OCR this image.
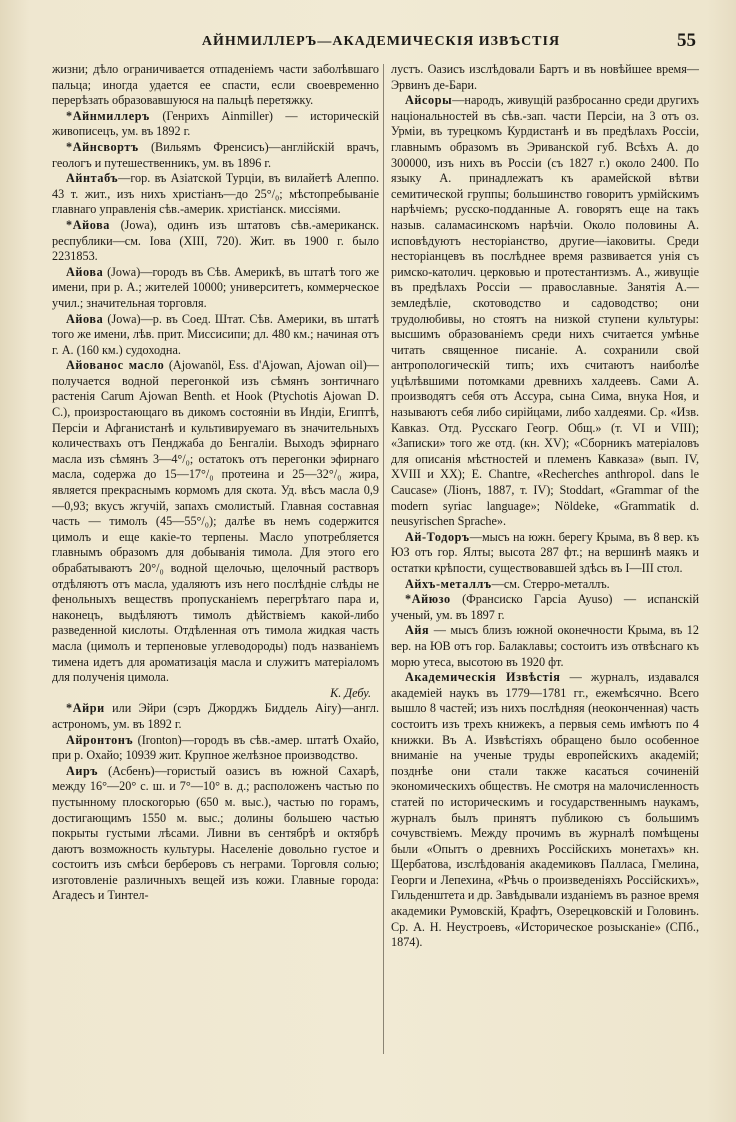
АЙНМИЛЛЕРЪ—АКАДЕМИЧЕСКІЯ ИЗВѢСТІЯ	55

жизни; дѣло ограничивается отпаденіемъ части заболѣвшаго пальца; иногда удается ее спасти, если своевременно перерѣзать образовавшуюся на пальцѣ перетяжку.

*Айнмиллеръ (Генрихъ Ainmiller) — историческій живописецъ, ум. въ 1892 г.

*Айнсвортъ (Вильямъ Френсисъ)—англійскій врачъ, геологъ и путешественникъ, ум. въ 1896 г.

Айнтабъ—гор. въ Азіатской Турціи, въ вилайетѣ Алеппо. 43 т. жит., изъ нихъ христіанъ—до 25°/₀; мѣстопребываніе главнаго управленія сѣв.-америк. христіанск. миссіями.

*Айова (Jowa), одинъ изъ штатовъ сѣв.-американск. республики—см. Іова (XIII, 720). Жит. въ 1900 г. было 2231853.

Айова (Jowa)—городъ въ Сѣв. Америкѣ, въ штатѣ того же имени, при р. А.; жителей 10000; университетъ, коммерческое учил.; значительная торговля.

Айова (Jowa)—р. въ Соед. Штат. Сѣв. Америки, въ штатѣ того же имени, лѣв. прит. Миссисипи; дл. 480 км.; начиная отъ г. А. (160 км.) судоходна.

Айованос масло (Ajowanöl, Ess. d'Ajowan, Ajowan oil)—получается водной перегонкой изъ сѣмянъ зонтичнаго растенія Carum Ajowan Benth. et Hook (Ptychotis Ajowan D. C.), произростающаго въ дикомъ состояніи въ Индіи, Египтѣ, Персіи и Афганистанѣ и культивируемаго въ значительныхъ количествахъ отъ Пенджаба до Бенгаліи. Выходъ эфирнаго масла изъ сѣмянъ 3—4°/₀; остатокъ отъ перегонки эфирнаго масла, содержа до 15—17°/₀ протеина и 25—32°/₀ жира, является прекраснымъ кормомъ для скота. Уд. вѣсъ масла 0,9—0,93; вкусъ жгучій, запахъ смолистый. Главная составная часть — тимолъ (45—55°/₀); далѣе въ немъ содержится цимолъ и еще какіе-то терпены. Масло употребляется главнымъ образомъ для добыванія тимола. Для этого его обрабатываютъ 20°/₀ водной щелочью, щелочный растворъ отдѣляютъ отъ масла, удаляютъ изъ него послѣдніе слѣды не фенольныхъ веществъ пропусканіемъ перегрѣтаго пара и, наконецъ, выдѣляютъ тимолъ дѣйствіемъ какой-либо разведенной кислоты. Отдѣленная отъ тимола жидкая часть масла (цимолъ и терпеновые углеводороды) подъ названіемъ тимена идетъ для ароматизація масла и служитъ матеріаломъ для полученія цимола.

К. Дебу.

*Айри или Эйри (сэръ Джорджъ Биддель Airy)—англ. астрономъ, ум. въ 1892 г.

Айронтонъ (Ironton)—городъ въ сѣв.-амер. штатѣ Охайо, при р. Охайо; 10939 жит. Крупное желѣзное производство.

Аиръ (Асбенъ)—гористый оазисъ въ южной Сахарѣ, между 16°—20° с. ш. и 7°—10° в. д.; расположенъ частью по пустынному плоскогорью (650 м. выс.), частью по горамъ, достигающимъ 1550 м. выс.; долины большею частью покрыты густыми лѣсами. Ливни въ сентябрѣ и октябрѣ даютъ возможность культуры. Населеніе довольно густое и состоитъ изъ смѣси берберовъ съ неграми. Торговля солью; изготовленіе различныхъ вещей изъ кожи. Главные города: Агадесъ и Тинтел-

лустъ. Оазисъ изслѣдовали Бартъ и въ новѣйшее время—Эрвинъ де-Бари.

Айсоры—народъ, живущій разбросанно среди другихъ національностей въ сѣв.-зап. части Персіи, на 3 отъ оз. Урміи, въ турецкомъ Курдистанѣ и въ предѣлахъ Россіи, главнымъ образомъ въ Эриванской губ. Всѣхъ А. до 300000, изъ нихъ въ Россіи (съ 1827 г.) около 2400. По языку А. принадлежатъ къ арамейской вѣтви семитической группы; большинство говоритъ урмійскимъ нарѣчіемъ; русско-подданные А. говорятъ еще на такъ назыв. саламасинскомъ нарѣчіи. Около половины А. исповѣдуютъ несторіанство, другие—іаковиты. Среди несторіанцевъ въ послѣднее время развивается унія съ римско-католич. церковью и протестантизмъ. А., живущіе въ предѣлахъ Россіи — православные. Занятія А.—земледѣліе, скотоводство и садоводство; они трудолюбивы, но стоятъ на низкой ступени культуры: высшимъ образованіемъ среди нихъ считается умѣнье читать священное писаніе. А. сохранили свой антропологическій типъ; ихъ считаютъ наиболѣе уцѣлѣвшими потомками древнихъ халдеевъ. Сами А. производятъ себя отъ Ассура, сына Сима, внука Ноя, и называютъ себя либо сирійцами, либо халдеями. Ср. «Изв. Кавказ. Отд. Русскаго Геогр. Общ.» (т. VI и VIII); «Записки» того же отд. (кн. XV); «Сборникъ матеріаловъ для описанія мѣстностей и племенъ Кавказа» (вып. IV, XVIII и XX); E. Chantre, «Recherches anthropol. dans le Caucase» (Ліонъ, 1887, т. IV); Stoddart, «Grammar of the modern syriac language»; Nöldeke, «Grammatik d. neusyrischen Sprache».

Ай-Тодоръ—мысъ на южн. берегу Крыма, въ 8 вер. къ ЮЗ отъ гор. Ялты; высота 287 фт.; на вершинѣ маякъ и остатки крѣпости, существовавшей здѣсь въ I—III стол.

Айхъ-металлъ—см. Стерро-металлъ.

*Айюзо (Франсиско Гарсіа Ayuso) — испанскій ученый, ум. въ 1897 г.

Айя — мысъ близъ южной оконечности Крыма, въ 12 вер. на ЮВ отъ гор. Балаклавы; состоитъ изъ отвѣснаго къ морю утеса, высотою въ 1920 фт.

Академическія Извѣстія — журналъ, издавался академіей наукъ въ 1779—1781 гг., ежемѣсячно. Всего вышло 8 частей; изъ нихъ послѣдняя (неоконченная) часть состоитъ изъ трехъ книжекъ, а первыя семь имѣютъ по 4 книжки. Въ А. Извѣстіяхъ обращено было особенное вниманіе на ученые труды европейскихъ академій; позднѣе они стали также касаться сочиненій экономическихъ обществъ. Не смотря на малочисленность статей по историческимъ и государственнымъ наукамъ, журналъ былъ принятъ публикою съ большимъ сочувствіемъ. Между прочимъ въ журналѣ помѣщены были «Опытъ о древнихъ Россійскихъ монетахъ» кн. Щербатова, изслѣдованія академиковъ Палласа, Гмелина, Георги и Лепехина, «Рѣчь о произведеніяхъ Россійскихъ», Гильденштета и др. Завѣдывали изданіемъ въ разное время академики Румовскій, Крафтъ, Озерецковскій и Головинъ. Ср. А. Н. Неустроевъ, «Историческое розысканіе» (СПб., 1874).
